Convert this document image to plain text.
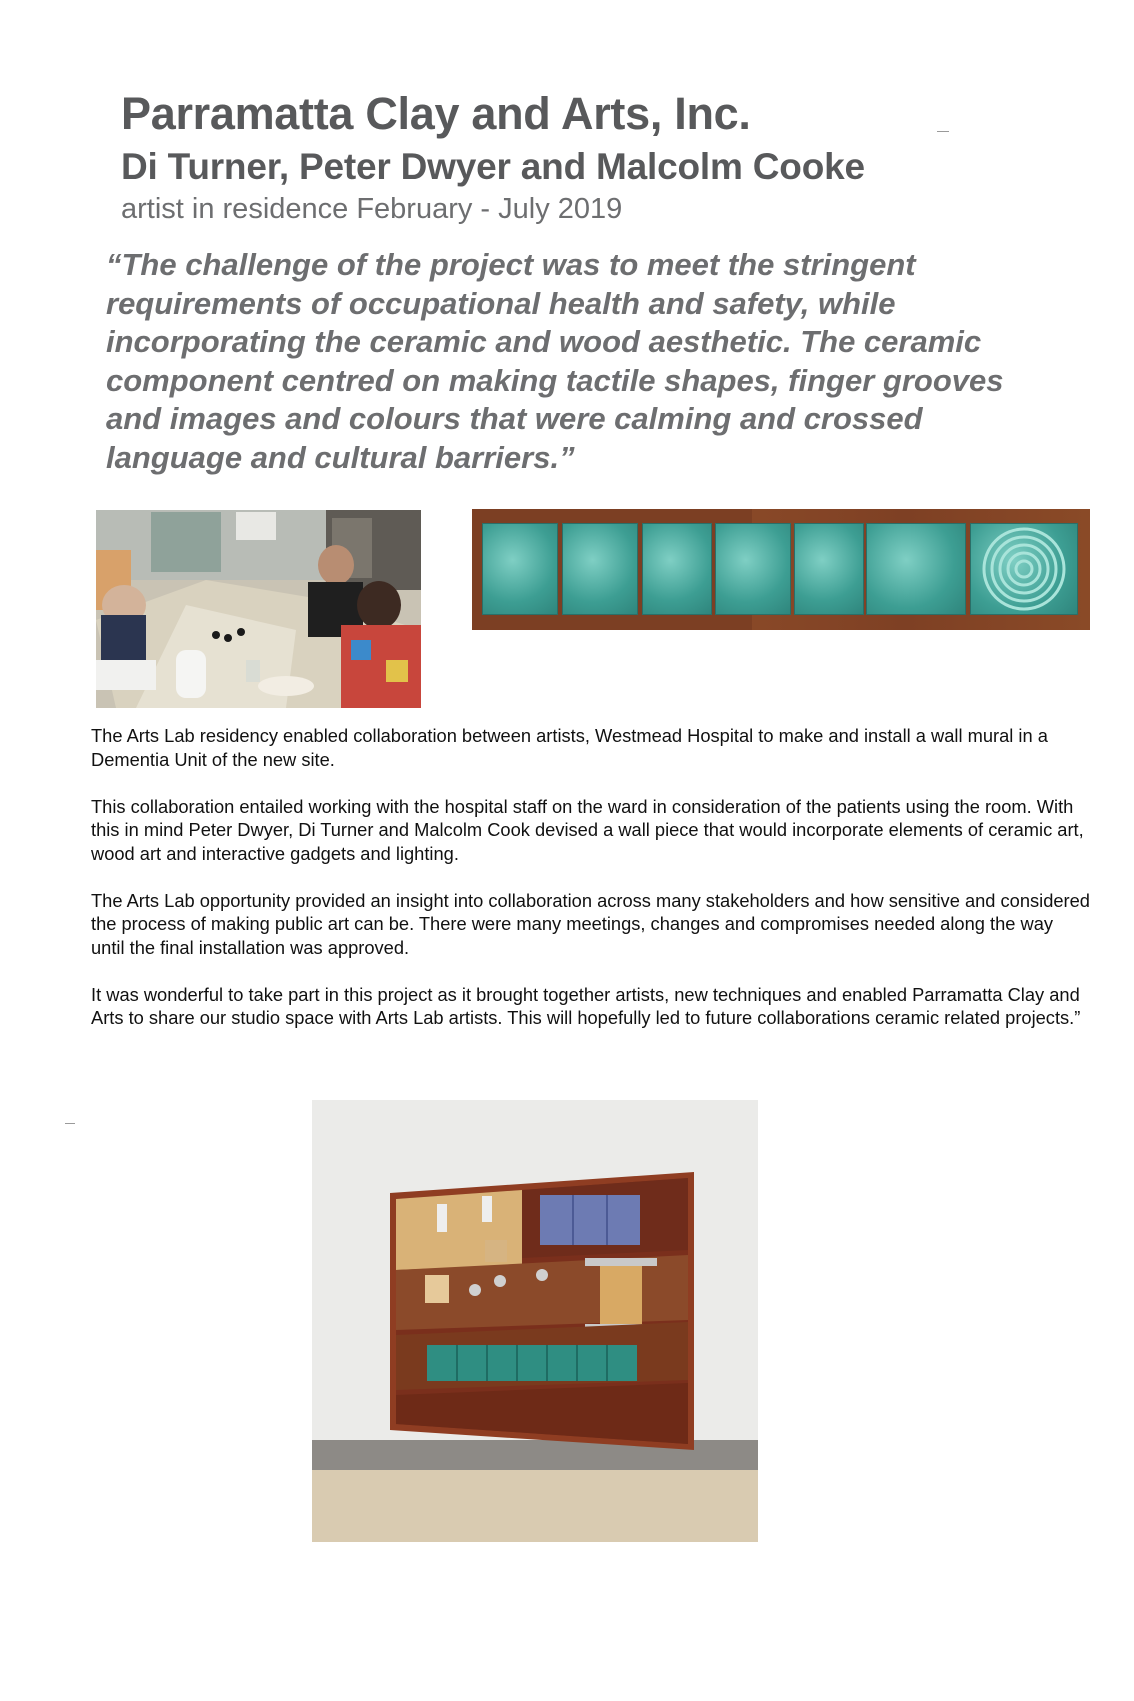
Parramatta Clay and Arts, Inc.
Di Turner, Peter Dwyer and Malcolm Cooke
artist in residence February - July 2019
“The challenge of the project was to meet the stringent requirements of occupational health and safety, while incorporating the ceramic and wood aesthetic. The ceramic component centred on making tactile shapes, finger grooves and images and colours that were calming and crossed language and cultural barriers.”

The Arts Lab residency enabled collaboration between artists, Westmead Hospital to make and install a wall mural in a Dementia Unit of the new site.

This collaboration entailed working with the hospital staff on the ward in consideration of the patients using the room. With this in mind Peter Dwyer, Di Turner and Malcolm Cook devised a wall piece that would incorporate elements of ceramic art, wood art and interactive gadgets and lighting.

The Arts Lab opportunity provided an insight into collaboration across many stakeholders and how sensitive and considered the process of making public art can be. There were many meetings, changes and compromises needed along the way until the final installation was approved.

It was wonderful to take part in this project as it brought together artists, new techniques and enabled Parramatta Clay and Arts to share our studio space with Arts Lab artists. This will hopefully led to future collaborations ceramic related projects.”
